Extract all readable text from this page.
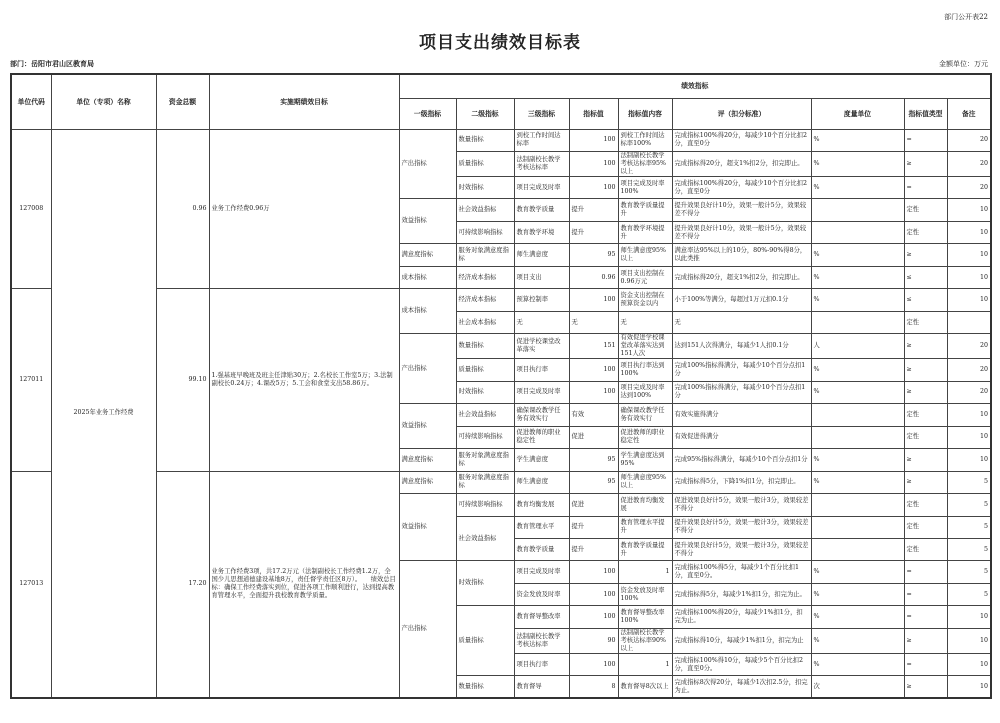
部门公开表22
项目支出绩效目标表
部门：岳阳市君山区教育局	金额单位：万元
单位代码	单位（专项）名称	资金总额	实施期绩效目标	绩效指标								
				一级指标	二级指标	三级指标	指标值	指标值内容	评（扣分标准）	度量单位	指标值类型	备注
127008	2025年业务工作经费	0.96	业务工作经费0.96万	产出指标	数量指标	到校工作时间达标率	100	到校工作时间达标率100%	完成指标100%得20分，每减少10个百分比扣2分，直至0分	%	=	20
					质量指标	法制副校长教学考核达标率	100	法制副校长教学考核达标率95%以上	完成指标得20分，超支1%扣2分，扣完即止。	%	≥	20
					时效指标	项目完成及时率	100	项目完成及时率100%	完成指标100%得20分，每减少10个百分比扣2分，直至0分	%	=	20
				效益指标	社会效益指标	教育教学质量	提升	教育教学质量提升	提升效果良好计10分，效果一般计5分，效果较差不得分		定性	10
					可持续影响指标	教育教学环境	提升	教育教学环境提升	提升效果良好计10分，效果一般计5分，效果较差不得分		定性	10
				满意度指标	服务对象满意度指标	师生满意度	95	师生满意度95%以上	满意率达95%以上的10分，80%-90%得8分，以此类推	%	≥	10
				成本指标	经济成本指标	项目支出	0.96	项目支出控制在0.96万元	完成指标得20分，超支1%扣2分，扣完即止。	%	≤	10
127011		99.10	1.强基班早晚班及班主任津贴30万；2.名校长工作室5万；3.法制副校长0.24万；4.课改5万；5.工会和食堂支出58.86万。	成本指标	经济成本指标	预算控制率	100	资金支出控制在预算资金以内	小于100%等满分，每超过1万元扣0.1分	%	≤	10
					社会成本指标	无	无	无	无		定性	
				产出指标	数量指标	促进学校课堂改革落实	151	有效促进学校课堂改革落实达到151人次	达到151人次得满分，每减少1人扣0.1分	人	≥	20
					质量指标	项目执行率	100	项目执行率达到100%	完成100%指标得满分，每减少10个百分点扣1分	%	≥	20
					时效指标	项目完成及时率	100	项目完成及时率达到100%	完成100%指标得满分，每减少10个百分点扣1分	%	≥	20
				效益指标	社会效益指标	确保课改教学任务有效实行	有效	确保课改教学任务有效实行	有效实施得满分		定性	10
					可持续影响指标	促进教师的职业稳定性	促进	促进教师的职业稳定性	有效促进得满分		定性	10
				满意度指标	服务对象满意度指标	学生满意度	95	学生满意度达到95%	完成95%指标得满分，每减少10个百分点扣1分	%	≥	10
127013		17.20	业务工作经费3项，共17.2万元（法制副校长工作经费1.2万，全国少儿思想道德建设基地8万，责任督学责任区8万）。　　绩效总目标：确保工作经费落实到位，促进各项工作顺利进行，达到提高教育管理水平，全面提升我校教育教学质量。	满意度指标	服务对象满意度指标	师生满意度	95	师生满意度95%以上	完成指标得5分，下降1%扣1分，扣完即止。	%	≥	5
				效益指标	可持续影响指标	教育均衡发展	促进	促进教育均衡发展	促进效果良好计5分，效果一般计3分，效果较差不得分		定性	5
					社会效益指标	教育管理水平	提升	教育管理水平提升	提升效果良好计5分，效果一般计3分，效果较差不得分		定性	5
						教育教学质量	提升	教育教学质量提升	提升效果良好计5分，效果一般计3分，效果较差不得分		定性	5
				产出指标	时效指标	项目完成及时率	100	1	完成指标100%得5分，每减少1个百分比扣1分，直至0分。	%	=	5
						资金发放及时率	100	资金发放及时率100%	完成指标得5分，每减少1%扣1分，扣完为止。	%	=	5
					质量指标	教育督导整改率	100	教育督导整改率100%	完成指标100%得20分，每减少1%扣1分，扣完为止。	%	=	10
						法制副校长教学考核达标率	90	法制副校长教学考核达标率90%以上	完成指标得10分，每减少1%扣1分，扣完为止	%	≥	10
						项目执行率	100	1	完成指标100%得10分，每减少5个百分比扣2分，直至0分。	%	=	10
					数量指标	教育督导	8	教育督导8次以上	完成指标8次得20分，每减少1次扣2.5分，扣完为止。	次	≥	10
